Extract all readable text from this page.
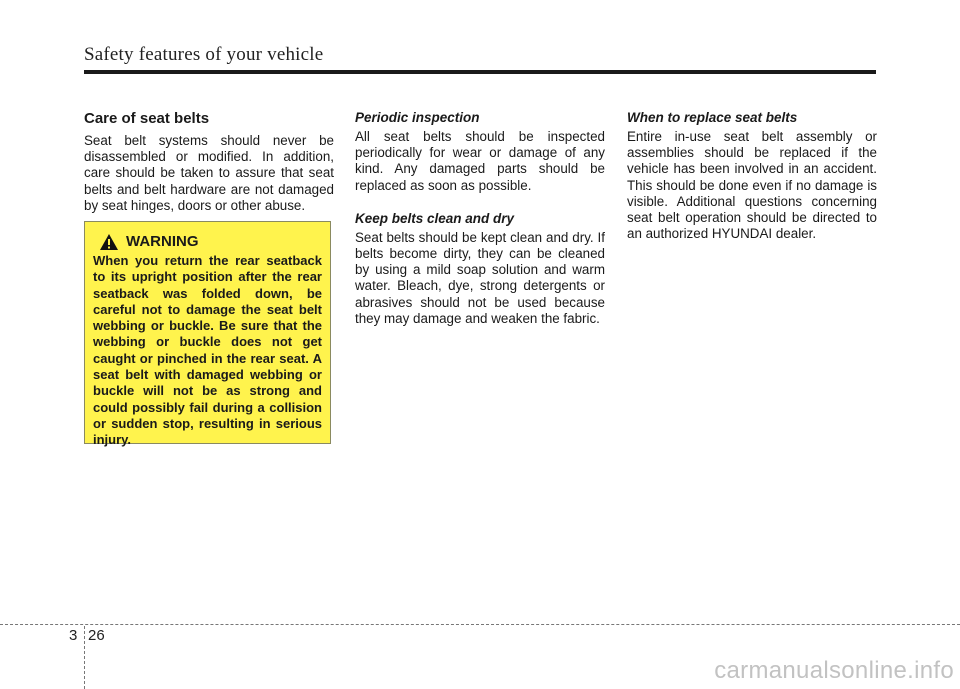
Safety features of your vehicle
Care of seat belts

Seat belt systems should never be disassembled or modified. In addition, care should be taken to assure that seat belts and belt hardware are not damaged by seat hinges, doors or other abuse.

WARNING

When you return the rear seatback to its upright position after the rear seatback was folded down, be careful not to damage the seat belt webbing or buckle. Be sure that the webbing or buckle does not get caught or pinched in the rear seat. A seat belt with damaged webbing or buckle will not be as strong and could possibly fail during a collision or sudden stop, resulting in serious injury.

Periodic inspection

All seat belts should be inspected periodically for wear or damage of any kind. Any damaged parts should be replaced as soon as possible.

Keep belts clean and dry

Seat belts should be kept clean and dry. If belts become dirty, they can be cleaned by using a mild soap solution and warm water. Bleach, dye, strong detergents or abrasives should not be used because they may damage and weaken the fabric.

When to replace seat belts

Entire in-use seat belt assembly or assemblies should be replaced if the vehicle has been involved in an accident. This should be done even if no damage is visible. Additional questions concerning seat belt operation should be directed to an authorized HYUNDAI dealer.

3 26
carmanualsonline.info
